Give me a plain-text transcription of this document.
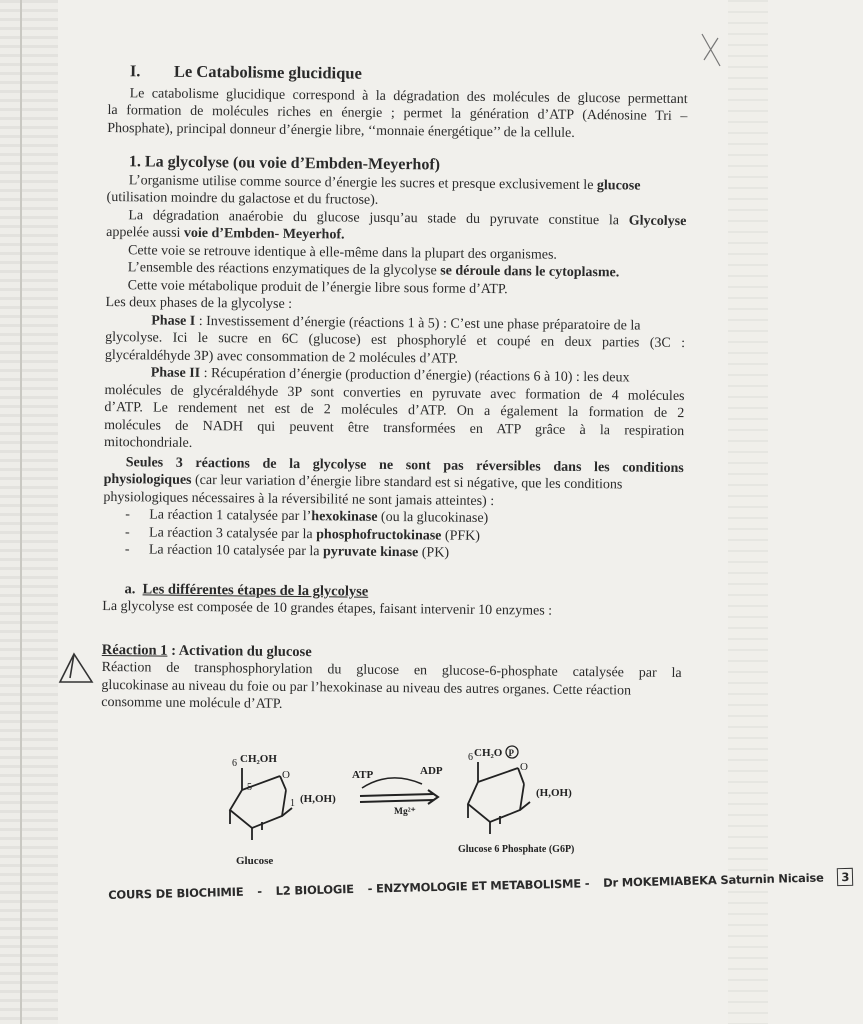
I. Le Catabolisme glucidique
Le catabolisme glucidique correspond à la dégradation des molécules de glucose permettant
la formation de molécules riches en énergie ; permet la génération d’ATP (Adénosine Tri –
Phosphate), principal donneur d’énergie libre, ‘‘monnaie énergétique’’ de la cellule.
1. La glycolyse (ou voie d’Embden-Meyerhof)
L’organisme utilise comme source d’énergie les sucres et presque exclusivement le glucose
(utilisation moindre du galactose et du fructose).
La dégradation anaérobie du glucose jusqu’au stade du pyruvate constitue la Glycolyse
appelée aussi voie d’Embden- Meyerhof.
Cette voie se retrouve identique à elle-même dans la plupart des organismes.
L’ensemble des réactions enzymatiques de la glycolyse se déroule dans le cytoplasme.
Cette voie métabolique produit de l’énergie libre sous forme d’ATP.
Les deux phases de la glycolyse :
Phase I : Investissement d’énergie (réactions 1 à 5) : C’est une phase préparatoire de la
glycolyse. Ici le sucre en 6C (glucose) est phosphorylé et coupé en deux parties (3C :
glycéraldéhyde 3P) avec consommation de 2 molécules d’ATP.
Phase II : Récupération d’énergie (production d’énergie) (réactions 6 à 10) : les deux
molécules de glycéraldéhyde 3P sont converties en pyruvate avec formation de 4 molécules
d’ATP. Le rendement net est de 2 molécules d’ATP. On a également la formation de 2
molécules de NADH qui peuvent être transformées en ATP grâce à la respiration
mitochondriale.
Seules 3 réactions de la glycolyse ne sont pas réversibles dans les conditions
physiologiques (car leur variation d’énergie libre standard est si négative, que les conditions
physiologiques nécessaires à la réversibilité ne sont jamais atteintes) :
- La réaction 1 catalysée par l’hexokinase (ou la glucokinase)
- La réaction 3 catalysée par la phosphofructokinase (PFK)
- La réaction 10 catalysée par la pyruvate kinase (PK)
a. Les différentes étapes de la glycolyse
La glycolyse est composée de 10 grandes étapes, faisant intervenir 10 enzymes :
Réaction 1 : Activation du glucose
Réaction de transphosphorylation du glucose en glucose-6-phosphate catalysée par la
glucokinase au niveau du foie ou par l’hexokinase au niveau des autres organes. Cette réaction
consomme une molécule d’ATP.
6 CH₂OH
O
5
1 (H,OH)
Glucose
ATP	ADP
Mg²⁺
6 CH₂O P
O
(H,OH)
Glucose 6 Phosphate (G6P)
COURS DE BIOCHIMIE - L2 BIOLOGIE - ENZYMOLOGIE ET METABOLISME - Dr MOKEMIABEKA Saturnin Nicaise 3
